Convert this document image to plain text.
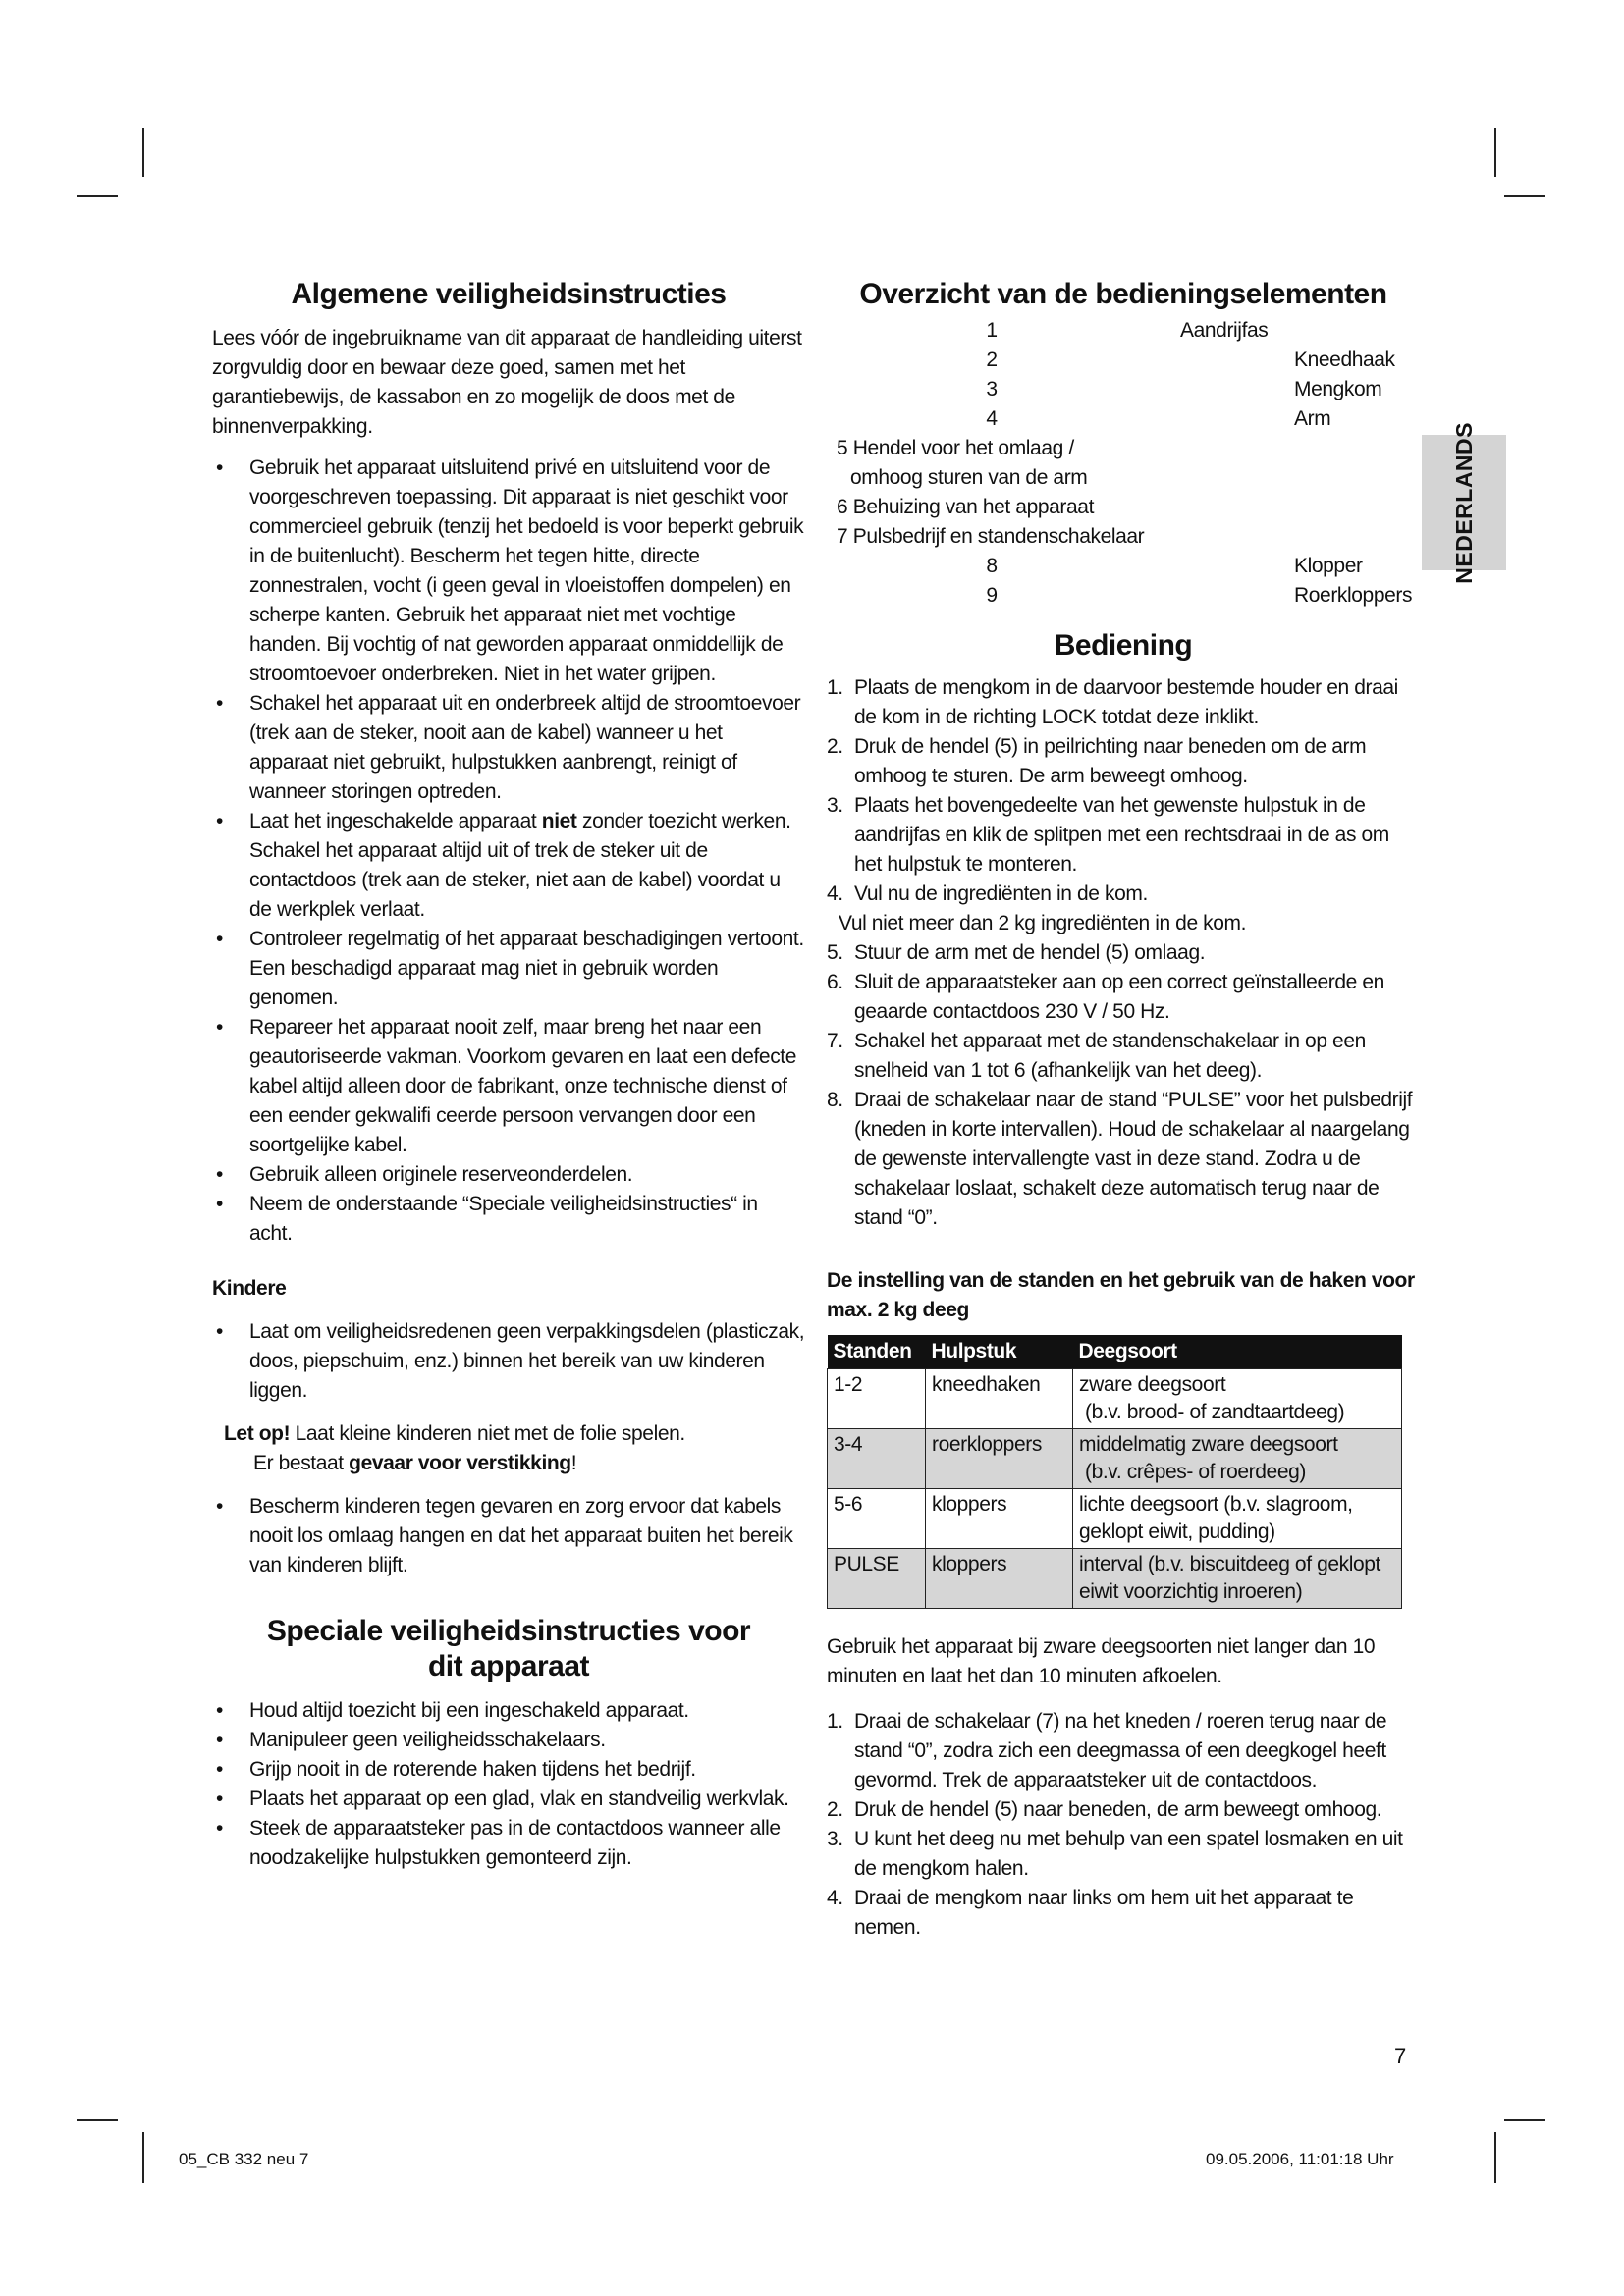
NEDERLANDS
Algemene veiligheidsinstructies

Lees vóór de ingebruikname van dit apparaat de handleiding uiterst zorgvuldig door en bewaar deze goed, samen met het garantiebewijs, de kassabon en zo mogelijk de doos met de binnenverpakking.

• Gebruik het apparaat uitsluitend privé en uitsluitend voor de voorgeschreven toepassing. Dit apparaat is niet geschikt voor commercieel gebruik (tenzij het bedoeld is voor beperkt gebruik in de buitenlucht). Bescherm het tegen hitte, directe zonnestralen, vocht (i geen geval in vloeistoffen dompelen) en scherpe kanten. Gebruik het apparaat niet met vochtige handen. Bij vochtig of nat geworden apparaat onmiddellijk de stroomtoevoer onderbreken. Niet in het water grijpen.
• Schakel het apparaat uit en onderbreek altijd de stroomtoevoer (trek aan de steker, nooit aan de kabel) wanneer u het apparaat niet gebruikt, hulpstukken aanbrengt, reinigt of wanneer storingen optreden.
• Laat het ingeschakelde apparaat niet zonder toezicht werken. Schakel het apparaat altijd uit of trek de steker uit de contactdoos (trek aan de steker, niet aan de kabel) voordat u de werkplek verlaat.
• Controleer regelmatig of het apparaat beschadigingen vertoont. Een beschadigd apparaat mag niet in gebruik worden genomen.
• Repareer het apparaat nooit zelf, maar breng het naar een geautoriseerde vakman. Voorkom gevaren en laat een defecte kabel altijd alleen door de fabrikant, onze technische dienst of een eender gekwalifi ceerde persoon vervangen door een soortgelijke kabel.
• Gebruik alleen originele reserveonderdelen.
• Neem de onderstaande “Speciale veiligheidsinstructies“ in acht.
Kindere
• Laat om veiligheidsredenen geen verpakkingsdelen (plasticzak, doos, piepschuim, enz.) binnen het bereik van uw kinderen liggen.
Let op! Laat kleine kinderen niet met de folie spelen.
Er bestaat gevaar voor verstikking!
• Bescherm kinderen tegen gevaren en zorg ervoor dat kabels nooit los omlaag hangen en dat het apparaat buiten het bereik van kinderen blijft.
Speciale veiligheidsinstructies voor dit apparaat
• Houd altijd toezicht bij een ingeschakeld apparaat.
• Manipuleer geen veiligheidsschakelaars.
• Grijp nooit in de roterende haken tijdens het bedrijf.
• Plaats het apparaat op een glad, vlak en standveilig werkvlak.
• Steek de apparaatsteker pas in de contactdoos wanneer alle noodzakelijke hulpstukken gemonteerd zijn.
Overzicht van de bedieningselementen
1	Aandrijfas
2	Kneedhaak
3	Mengkom
4	Arm
5 Hendel voor het omlaag /
omhoog sturen van de arm
6 Behuizing van het apparaat
7 Pulsbedrijf en standenschakelaar
8	Klopper
9	Roerkloppers
Bediening
1. Plaats de mengkom in de daarvoor bestemde houder en draai de kom in de richting LOCK totdat deze inklikt.
2. Druk de hendel (5) in peilrichting naar beneden om de arm omhoog te sturen. De arm beweegt omhoog.
3. Plaats het bovengedeelte van het gewenste hulpstuk in de aandrijfas en klik de splitpen met een rechtsdraai in de as om het hulpstuk te monteren.
4. Vul nu de ingrediënten in de kom.

Vul niet meer dan 2 kg ingrediënten in de kom.

5. Stuur de arm met de hendel (5) omlaag.
6. Sluit de apparaatsteker aan op een correct geïnstalleerde en geaarde contactdoos 230 V / 50 Hz.
7. Schakel het apparaat met de standenschakelaar in op een snelheid van 1 tot 6 (afhankelijk van het deeg).
8. Draai de schakelaar naar de stand “PULSE” voor het pulsbedrijf (kneden in korte intervallen). Houd de schakelaar al naargelang de gewenste intervallengte vast in deze stand. Zodra u de schakelaar loslaat, schakelt deze automatisch terug naar de stand “0”.
De instelling van de standen en het gebruik van de haken voor max. 2 kg deeg
Standen	Hulpstuk	Deegsoort
1-2	kneedhaken	zware deegsoort
(b.v. brood- of zandtaartdeeg)
3-4	roerkloppers	middelmatig zware deegsoort
(b.v. crêpes- of roerdeeg)
5-6	kloppers	lichte deegsoort (b.v. slagroom,
geklopt eiwit, pudding)
PULSE	kloppers	interval (b.v. biscuitdeeg of geklopt
eiwit voorzichtig inroeren)

Gebruik het apparaat bij zware deegsoorten niet langer dan 10 minuten en laat het dan 10 minuten afkoelen.

1. Draai de schakelaar (7) na het kneden / roeren terug naar de stand “0”, zodra zich een deegmassa of een deegkogel heeft gevormd. Trek de apparaatsteker uit de contactdoos.
2. Druk de hendel (5) naar beneden, de arm beweegt omhoog.
3. U kunt het deeg nu met behulp van een spatel losmaken en uit de mengkom halen.
4. Draai de mengkom naar links om hem uit het apparaat te nemen.
7
05_CB 332 neu 7	09.05.2006, 11:01:18 Uhr
